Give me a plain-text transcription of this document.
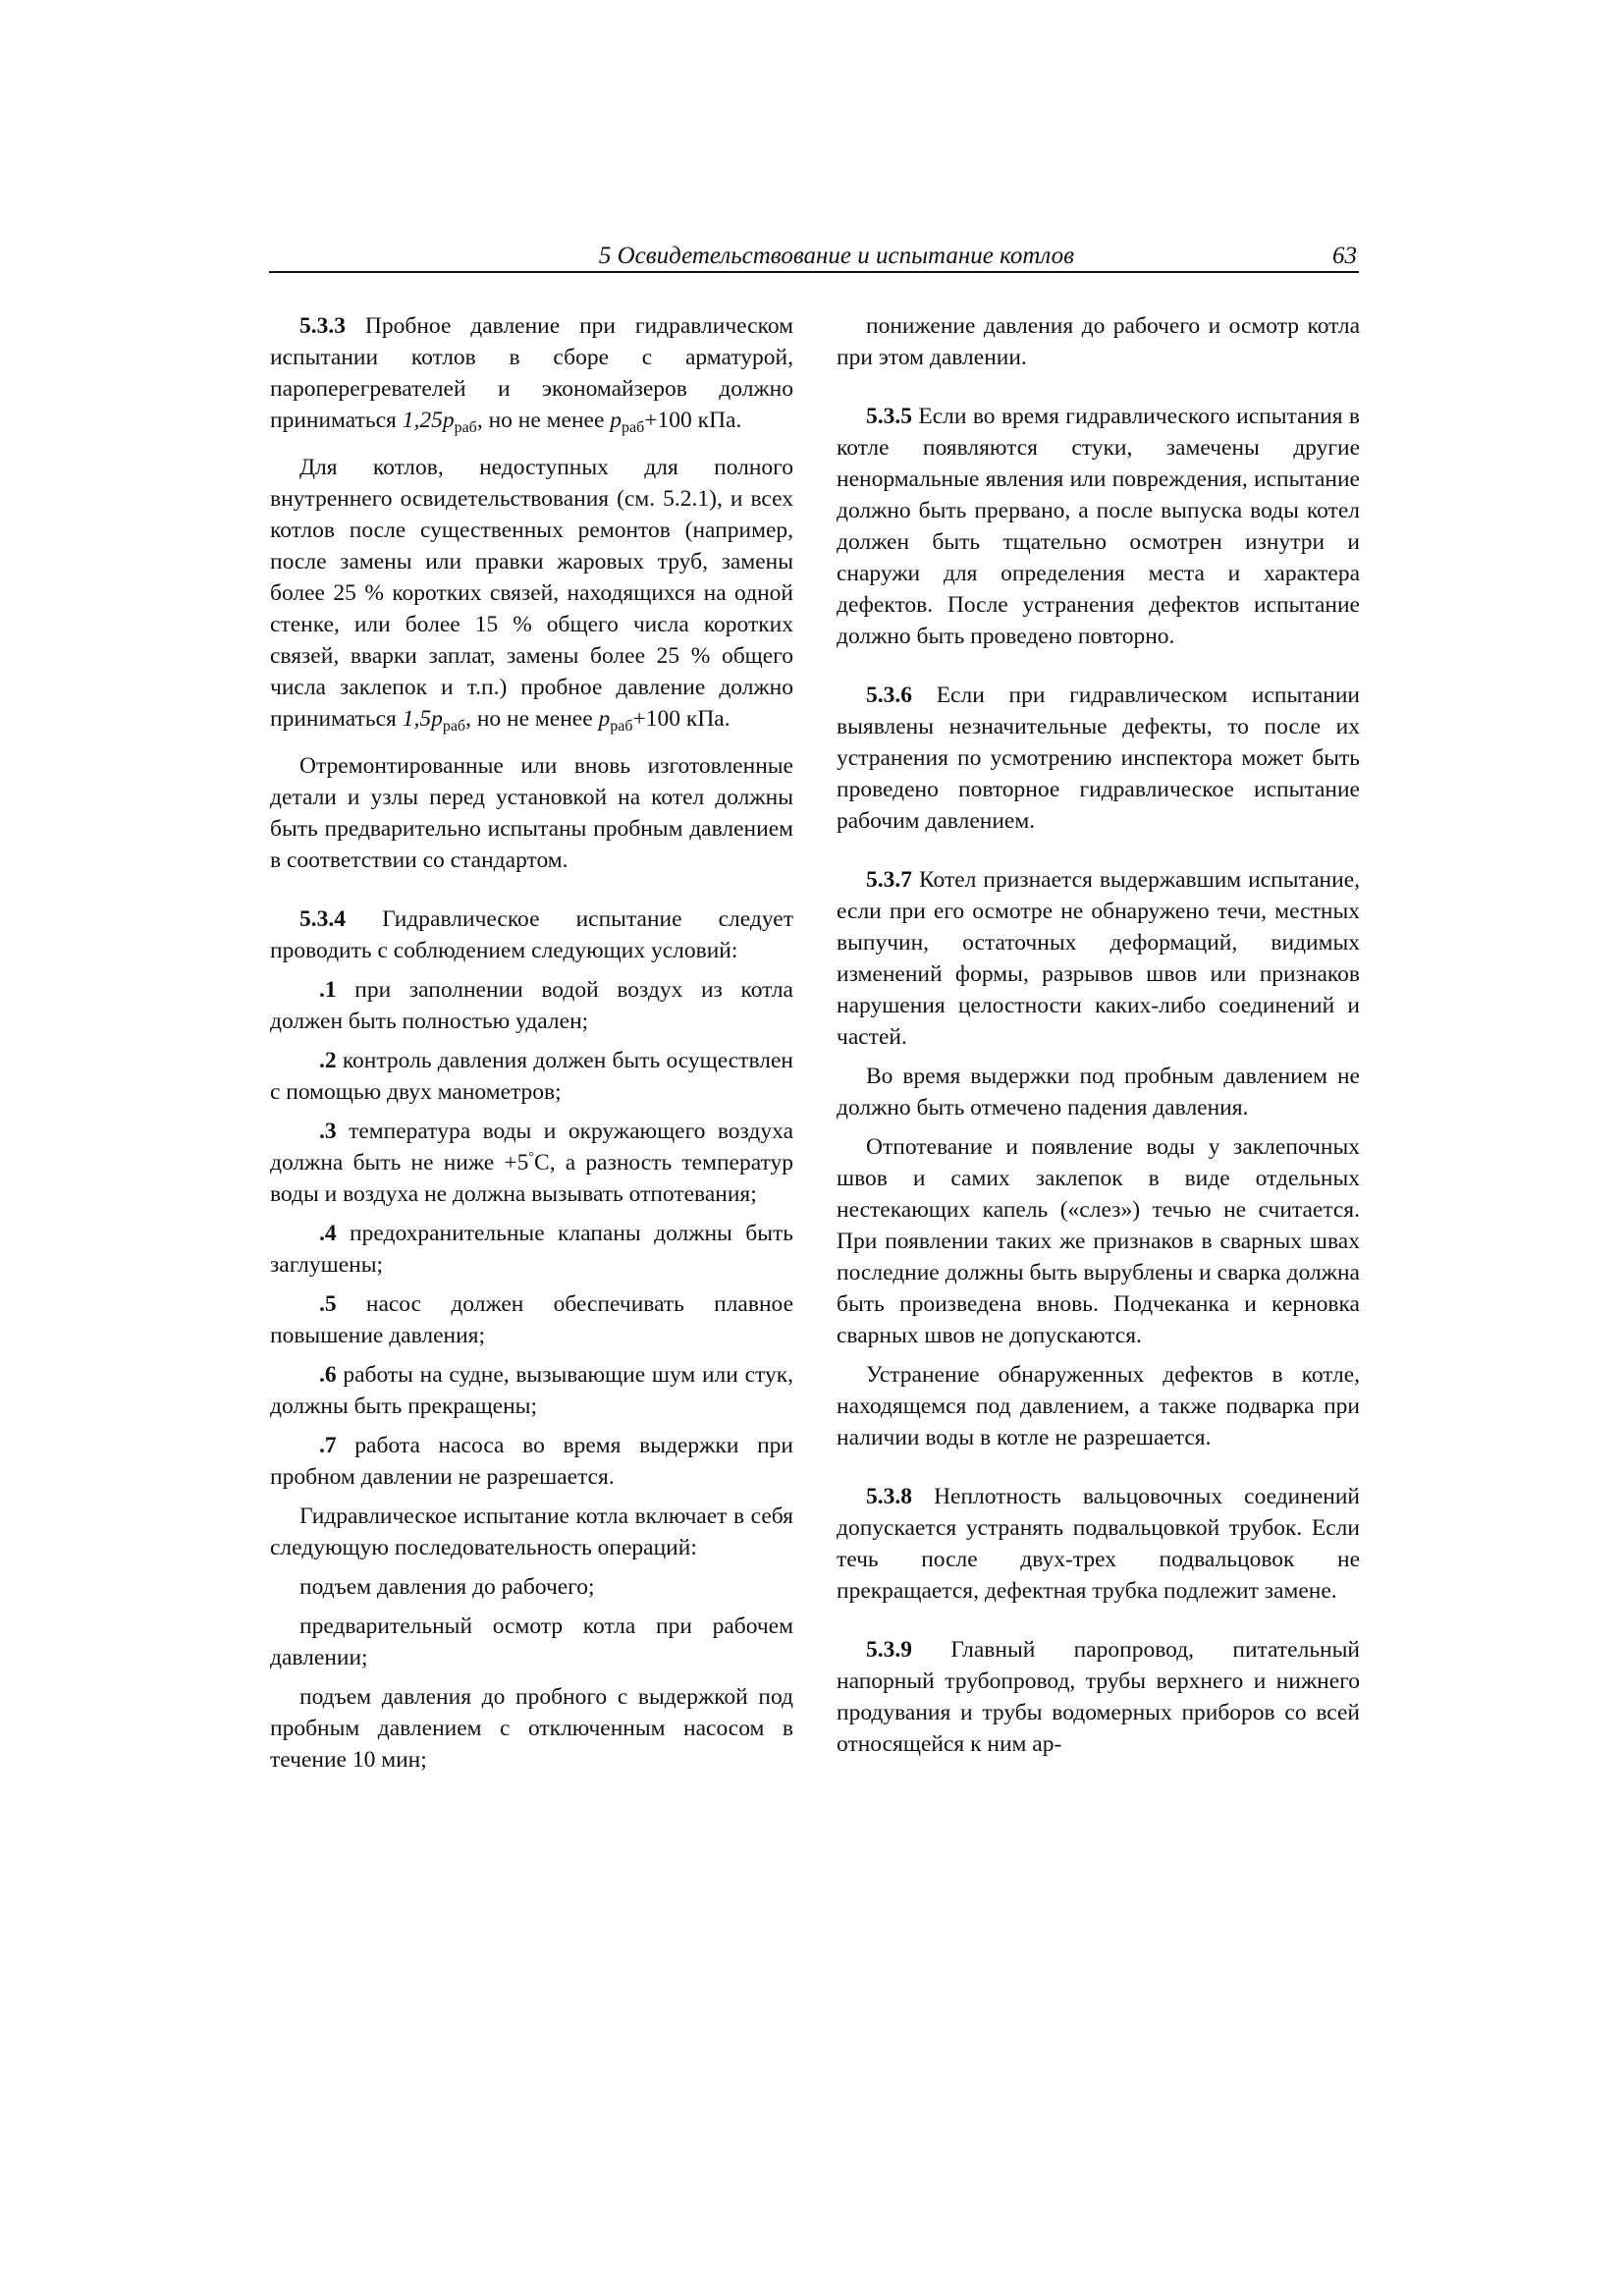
5 Освидетельствование и испытание котлов	63

5.3.3 Пробное давление при гидравлическом испытании котлов в сборе с арматурой, пароперегревателей и экономайзеров должно приниматься $1,25p_{раб}$, но не менее $p_{раб}+100$ кПа.

Для котлов, недоступных для полного внутреннего освидетельствования (см. 5.2.1), и всех котлов после существенных ремонтов (например, после замены или правки жаровых труб, замены более 25 % коротких связей, находящихся на одной стенке, или более 15 % общего числа коротких связей, вварки заплат, замены более 25 % общего числа заклепок и т.п.) пробное давление должно приниматься $1,5p_{раб}$, но не менее $p_{раб}+100$ кПа.

Отремонтированные или вновь изготовленные детали и узлы перед установкой на котел должны быть предварительно испытаны пробным давлением в соответствии со стандартом.

5.3.4 Гидравлическое испытание следует проводить с соблюдением следующих условий:

.1 при заполнении водой воздух из котла должен быть полностью удален;

.2 контроль давления должен быть осуществлен с помощью двух манометров;

.3 температура воды и окружающего воздуха должна быть не ниже +5°С, а разность температур воды и воздуха не должна вызывать отпотевания;

.4 предохранительные клапаны должны быть заглушены;

.5 насос должен обеспечивать плавное повышение давления;

.6 работы на судне, вызывающие шум или стук, должны быть прекращены;

.7 работа насоса во время выдержки при пробном давлении не разрешается.

Гидравлическое испытание котла включает в себя следующую последовательность операций:

подъем давления до рабочего;

предварительный осмотр котла при рабочем давлении;

подъем давления до пробного с выдержкой под пробным давлением с отключенным насосом в течение 10 мин;

понижение давления до рабочего и осмотр котла при этом давлении.

5.3.5 Если во время гидравлического испытания в котле появляются стуки, замечены другие ненормальные явления или повреждения, испытание должно быть прервано, а после выпуска воды котел должен быть тщательно осмотрен изнутри и снаружи для определения места и характера дефектов. После устранения дефектов испытание должно быть проведено повторно.

5.3.6 Если при гидравлическом испытании выявлены незначительные дефекты, то после их устранения по усмотрению инспектора может быть проведено повторное гидравлическое испытание рабочим давлением.

5.3.7 Котел признается выдержавшим испытание, если при его осмотре не обнаружено течи, местных выпучин, остаточных деформаций, видимых изменений формы, разрывов швов или признаков нарушения целостности каких-либо соединений и частей.

Во время выдержки под пробным давлением не должно быть отмечено падения давления.

Отпотевание и появление воды у заклепочных швов и самих заклепок в виде отдельных нестекающих капель («слез») течью не считается. При появлении таких же признаков в сварных швах последние должны быть вырублены и сварка должна быть произведена вновь. Подчеканка и керновка сварных швов не допускаются.

Устранение обнаруженных дефектов в котле, находящемся под давлением, а также подварка при наличии воды в котле не разрешается.

5.3.8 Неплотность вальцовочных соединений допускается устранять подвальцовкой трубок. Если течь после двух-трех подвальцовок не прекращается, дефектная трубка подлежит замене.

5.3.9 Главный паропровод, питательный напорный трубопровод, трубы верхнего и нижнего продувания и трубы водомерных приборов со всей относящейся к ним ар-
